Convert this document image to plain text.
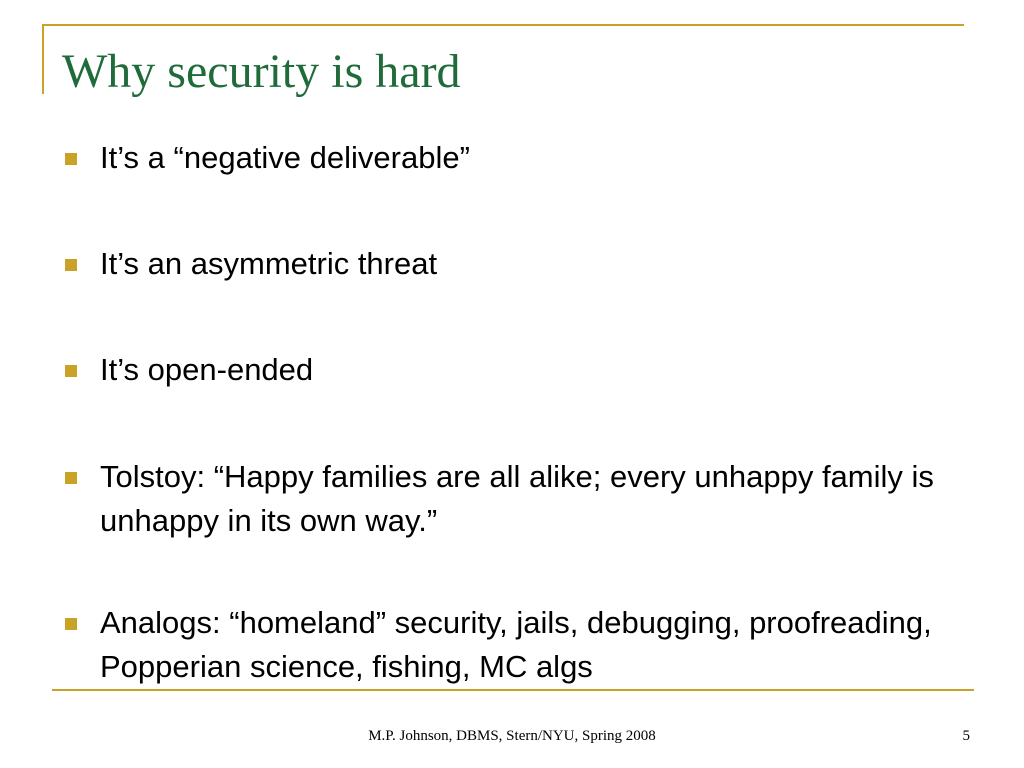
Why security is hard
It’s a “negative deliverable”
It’s an asymmetric threat
It’s open-ended
Tolstoy: “Happy families are all alike; every unhappy family is unhappy in its own way.”
Analogs: “homeland” security, jails, debugging, proofreading, Popperian science, fishing, MC algs
M.P. Johnson, DBMS, Stern/NYU, Spring 2008	5
